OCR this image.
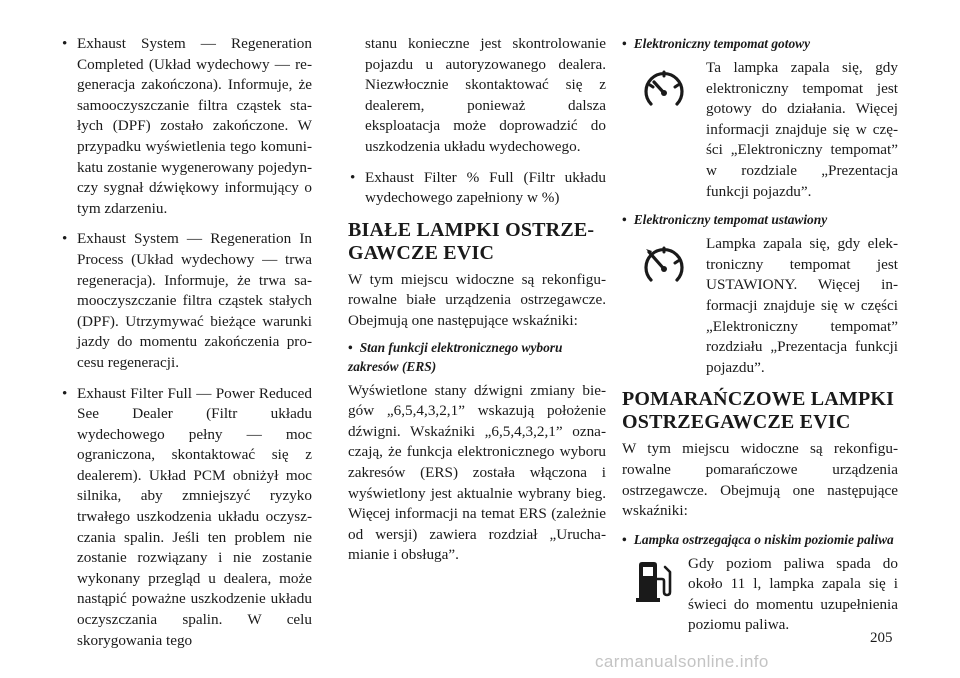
• Exhaust System — Regeneration Completed (Układ wydechowy — regeneracja zakończona). Informuje, że samooczyszczanie filtra cząstek stałych (DPF) zostało zakończone. W przypadku wyświetlenia tego komunikatu zostanie wygenerowany pojedynczy sygnał dźwiękowy informujący o tym zdarzeniu.
• Exhaust System — Regeneration In Process (Układ wydechowy — trwa regeneracja). Informuje, że trwa samooczyszczanie filtra cząstek stałych (DPF). Utrzymywać bieżące warunki jazdy do momentu zakończenia procesu regeneracji.
• Exhaust Filter Full — Power Reduced See Dealer (Filtr układu wydechowego pełny — moc ograniczona, skontaktować się z dealerem). Układ PCM obniżył moc silnika, aby zmniejszyć ryzyko trwałego uszkodzenia układu oczyszczania spalin. Jeśli ten problem nie zostanie rozwiązany i nie zostanie wykonany przegląd u dealera, może nastąpić poważne uszkodzenie układu oczyszczania spalin. W celu skorygowania tego

stanu konieczne jest skontrolowanie pojazdu u autoryzowanego dealera. Niezwłocznie skontaktować się z dealerem, ponieważ dalsza eksploatacja może doprowadzić do uszkodzenia układu wydechowego.

• Exhaust Filter % Full (Filtr układu wydechowego zapełniony w %)
BIAŁE LAMPKI OSTRZEGAWCZE EVIC

W tym miejscu widoczne są rekonfigurowalne białe urządzenia ostrzegawcze. Obejmują one następujące wskaźniki:

• Stan funkcji elektronicznego wyboru zakresów (ERS)

Wyświetlone stany dźwigni zmiany biegów „6,5,4,3,2,1” wskazują położenie dźwigni. Wskaźniki „6,5,4,3,2,1” oznaczają, że funkcja elektronicznego wyboru zakresów (ERS) została włączona i wyświetlony jest aktualnie wybrany bieg. Więcej informacji na temat ERS (zależnie od wersji) zawiera rozdział „Uruchamianie i obsługa”.

• Elektroniczny tempomat gotowy

Ta lampka zapala się, gdy elektroniczny tempomat jest gotowy do działania. Więcej informacji znajduje się w części „Elektroniczny tempomat” w rozdziale „Prezentacja funkcji pojazdu”.

• Elektroniczny tempomat ustawiony

Lampka zapala się, gdy elektroniczny tempomat jest USTAWIONY. Więcej informacji znajduje się w części „Elektroniczny tempomat” rozdziału „Prezentacja funkcji pojazdu”.

POMARAŃCZOWE LAMPKI OSTRZEGAWCZE EVIC

W tym miejscu widoczne są rekonfigurowalne pomarańczowe urządzenia ostrzegawcze. Obejmują one następujące wskaźniki:

• Lampka ostrzegająca o niskim poziomie paliwa

Gdy poziom paliwa spada do około 11 l, lampka zapala się i świeci do momentu uzupełnienia poziomu paliwa.

205
carmanualsonline.info
